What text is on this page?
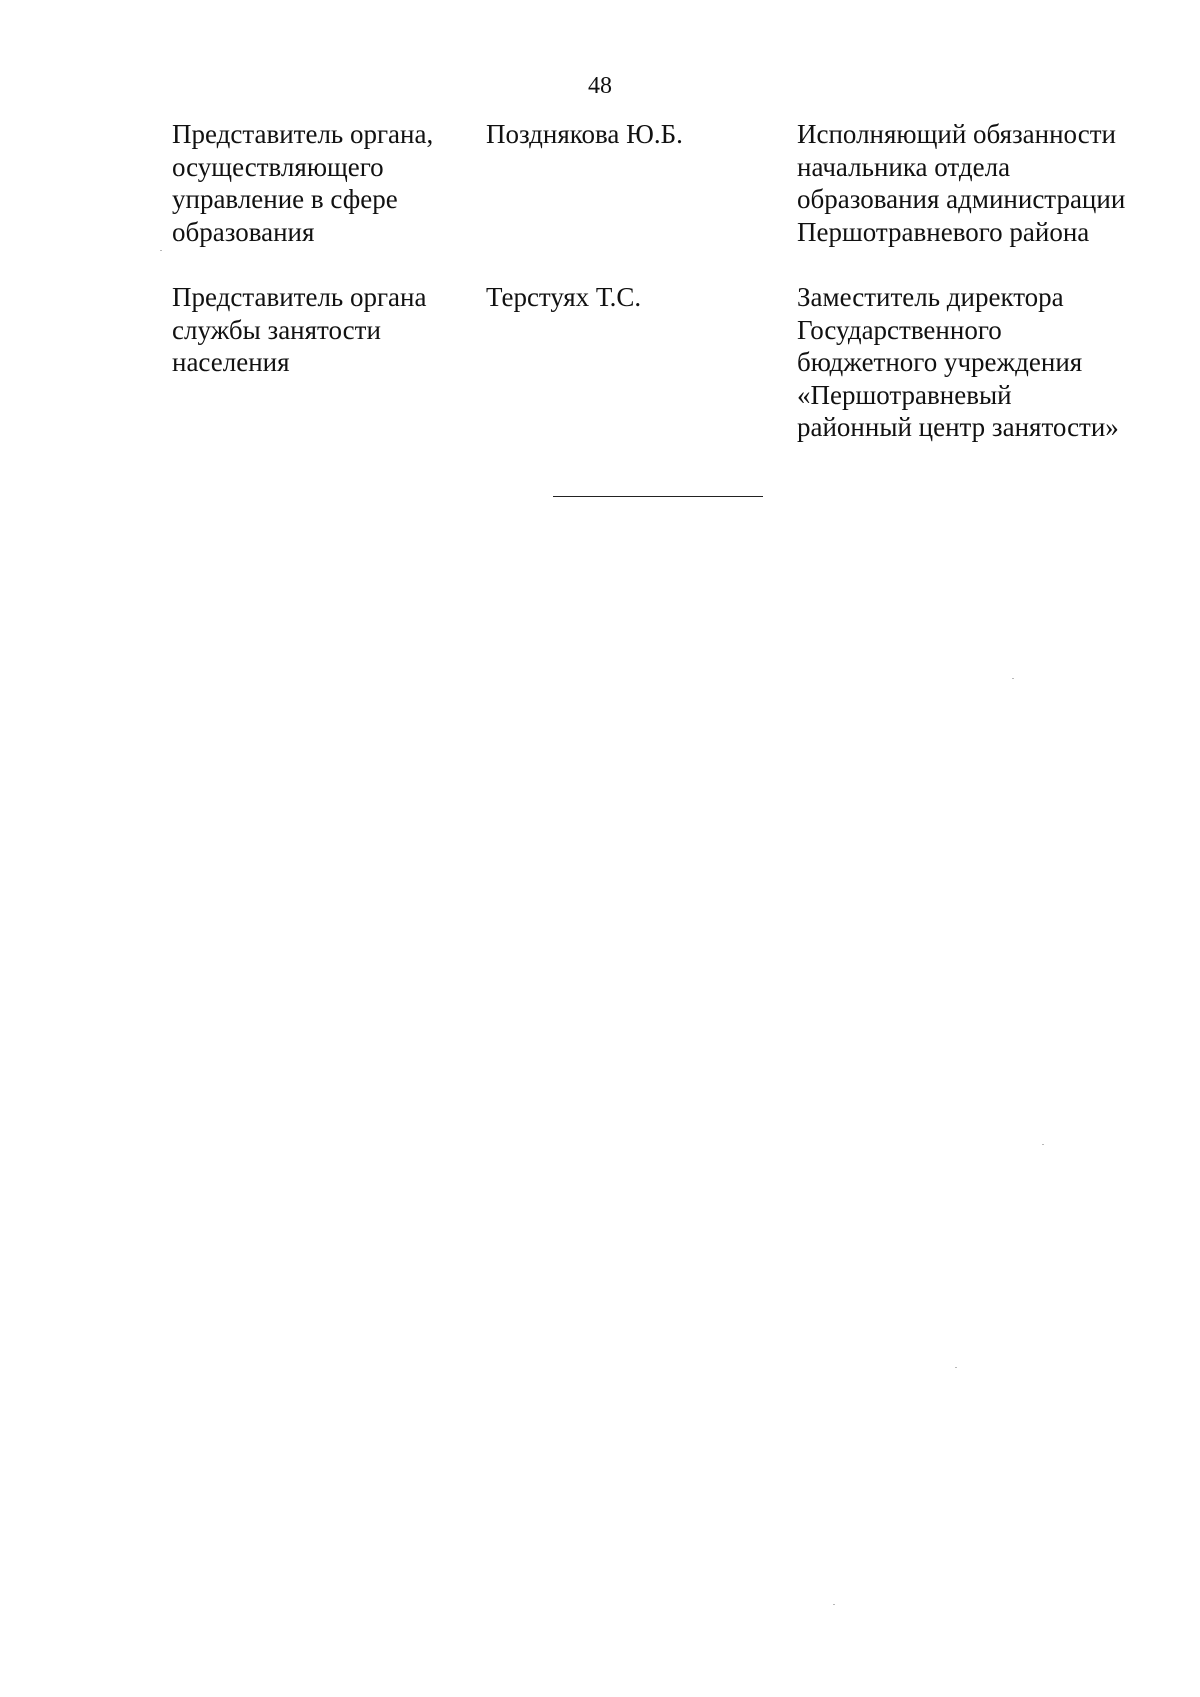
48
Представитель органа,
осуществляющего
управление в сфере
образования
Позднякова Ю.Б.	Исполняющий обязанности
начальника отдела
образования администрации
Першотравневого района
Представитель органа
службы занятости
населения
Терстуях Т.С.	Заместитель директора
Государственного
бюджетного учреждения
«Першотравневый
районный центр занятости»
